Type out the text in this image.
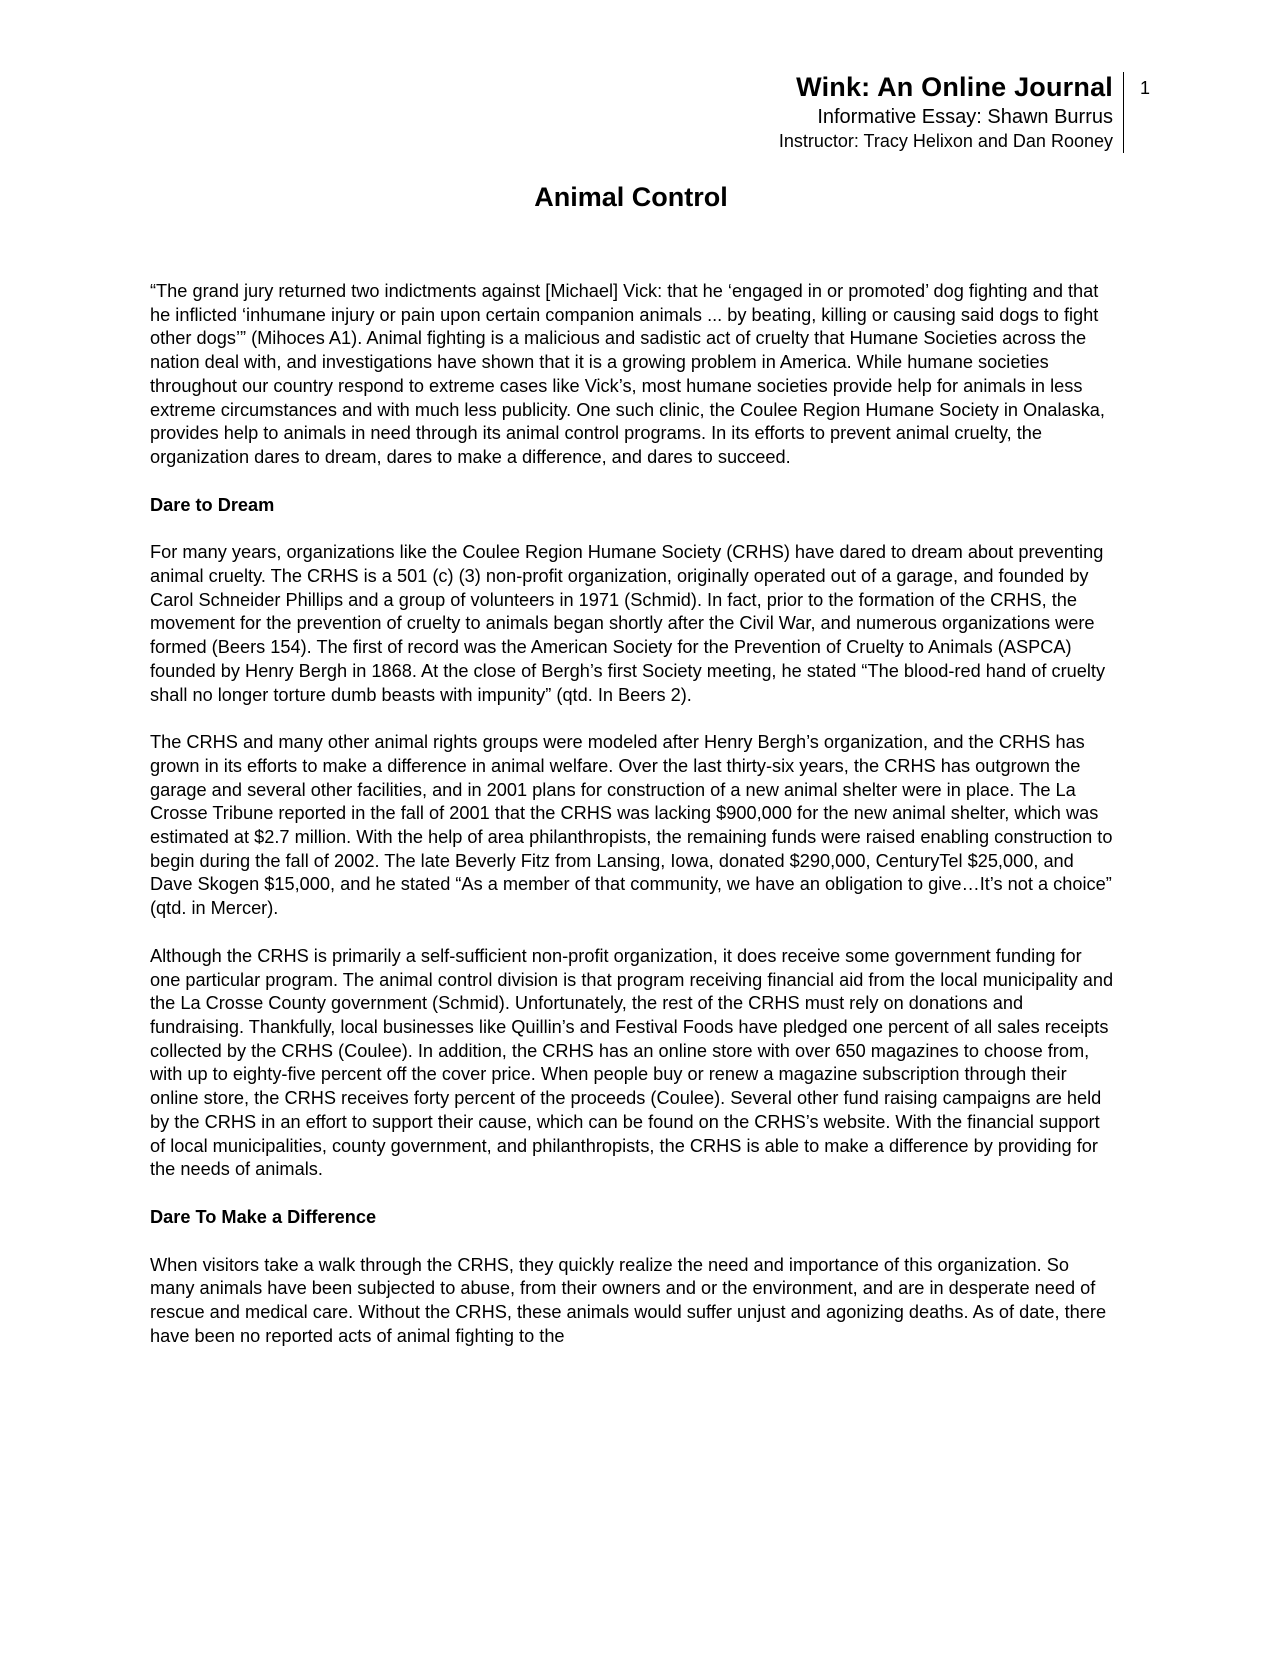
Wink: An Online Journal
Informative Essay: Shawn Burrus
Instructor: Tracy Helixon and Dan Rooney
1
Animal Control

“The grand jury returned two indictments against [Michael] Vick: that he ‘engaged in or promoted’ dog fighting and that he inflicted ‘inhumane injury or pain upon certain companion animals ... by beating, killing or causing said dogs to fight other dogs’” (Mihoces A1). Animal fighting is a malicious and sadistic act of cruelty that Humane Societies across the nation deal with, and investigations have shown that it is a growing problem in America. While humane societies throughout our country respond to extreme cases like Vick’s, most humane societies provide help for animals in less extreme circumstances and with much less publicity. One such clinic, the Coulee Region Humane Society in Onalaska, provides help to animals in need through its animal control programs. In its efforts to prevent animal cruelty, the organization dares to dream, dares to make a difference, and dares to succeed.

Dare to Dream

For many years, organizations like the Coulee Region Humane Society (CRHS) have dared to dream about preventing animal cruelty. The CRHS is a 501 (c) (3) non-profit organization, originally operated out of a garage, and founded by Carol Schneider Phillips and a group of volunteers in 1971 (Schmid). In fact, prior to the formation of the CRHS, the movement for the prevention of cruelty to animals began shortly after the Civil War, and numerous organizations were formed (Beers 154). The first of record was the American Society for the Prevention of Cruelty to Animals (ASPCA) founded by Henry Bergh in 1868. At the close of Bergh’s first Society meeting, he stated “The blood-red hand of cruelty shall no longer torture dumb beasts with impunity” (qtd. In Beers 2).

The CRHS and many other animal rights groups were modeled after Henry Bergh’s organization, and the CRHS has grown in its efforts to make a difference in animal welfare. Over the last thirty-six years, the CRHS has outgrown the garage and several other facilities, and in 2001 plans for construction of a new animal shelter were in place. The La Crosse Tribune reported in the fall of 2001 that the CRHS was lacking $900,000 for the new animal shelter, which was estimated at $2.7 million. With the help of area philanthropists, the remaining funds were raised enabling construction to begin during the fall of 2002. The late Beverly Fitz from Lansing, Iowa, donated $290,000, CenturyTel $25,000, and Dave Skogen $15,000, and he stated “As a member of that community, we have an obligation to give…It’s not a choice” (qtd. in Mercer).

Although the CRHS is primarily a self-sufficient non-profit organization, it does receive some government funding for one particular program. The animal control division is that program receiving financial aid from the local municipality and the La Crosse County government (Schmid). Unfortunately, the rest of the CRHS must rely on donations and fundraising. Thankfully, local businesses like Quillin’s and Festival Foods have pledged one percent of all sales receipts collected by the CRHS (Coulee). In addition, the CRHS has an online store with over 650 magazines to choose from, with up to eighty-five percent off the cover price. When people buy or renew a magazine subscription through their online store, the CRHS receives forty percent of the proceeds (Coulee). Several other fund raising campaigns are held by the CRHS in an effort to support their cause, which can be found on the CRHS’s website. With the financial support of local municipalities, county government, and philanthropists, the CRHS is able to make a difference by providing for the needs of animals.

Dare To Make a Difference

When visitors take a walk through the CRHS, they quickly realize the need and importance of this organization. So many animals have been subjected to abuse, from their owners and or the environment, and are in desperate need of rescue and medical care. Without the CRHS, these animals would suffer unjust and agonizing deaths. As of date, there have been no reported acts of animal fighting to the
